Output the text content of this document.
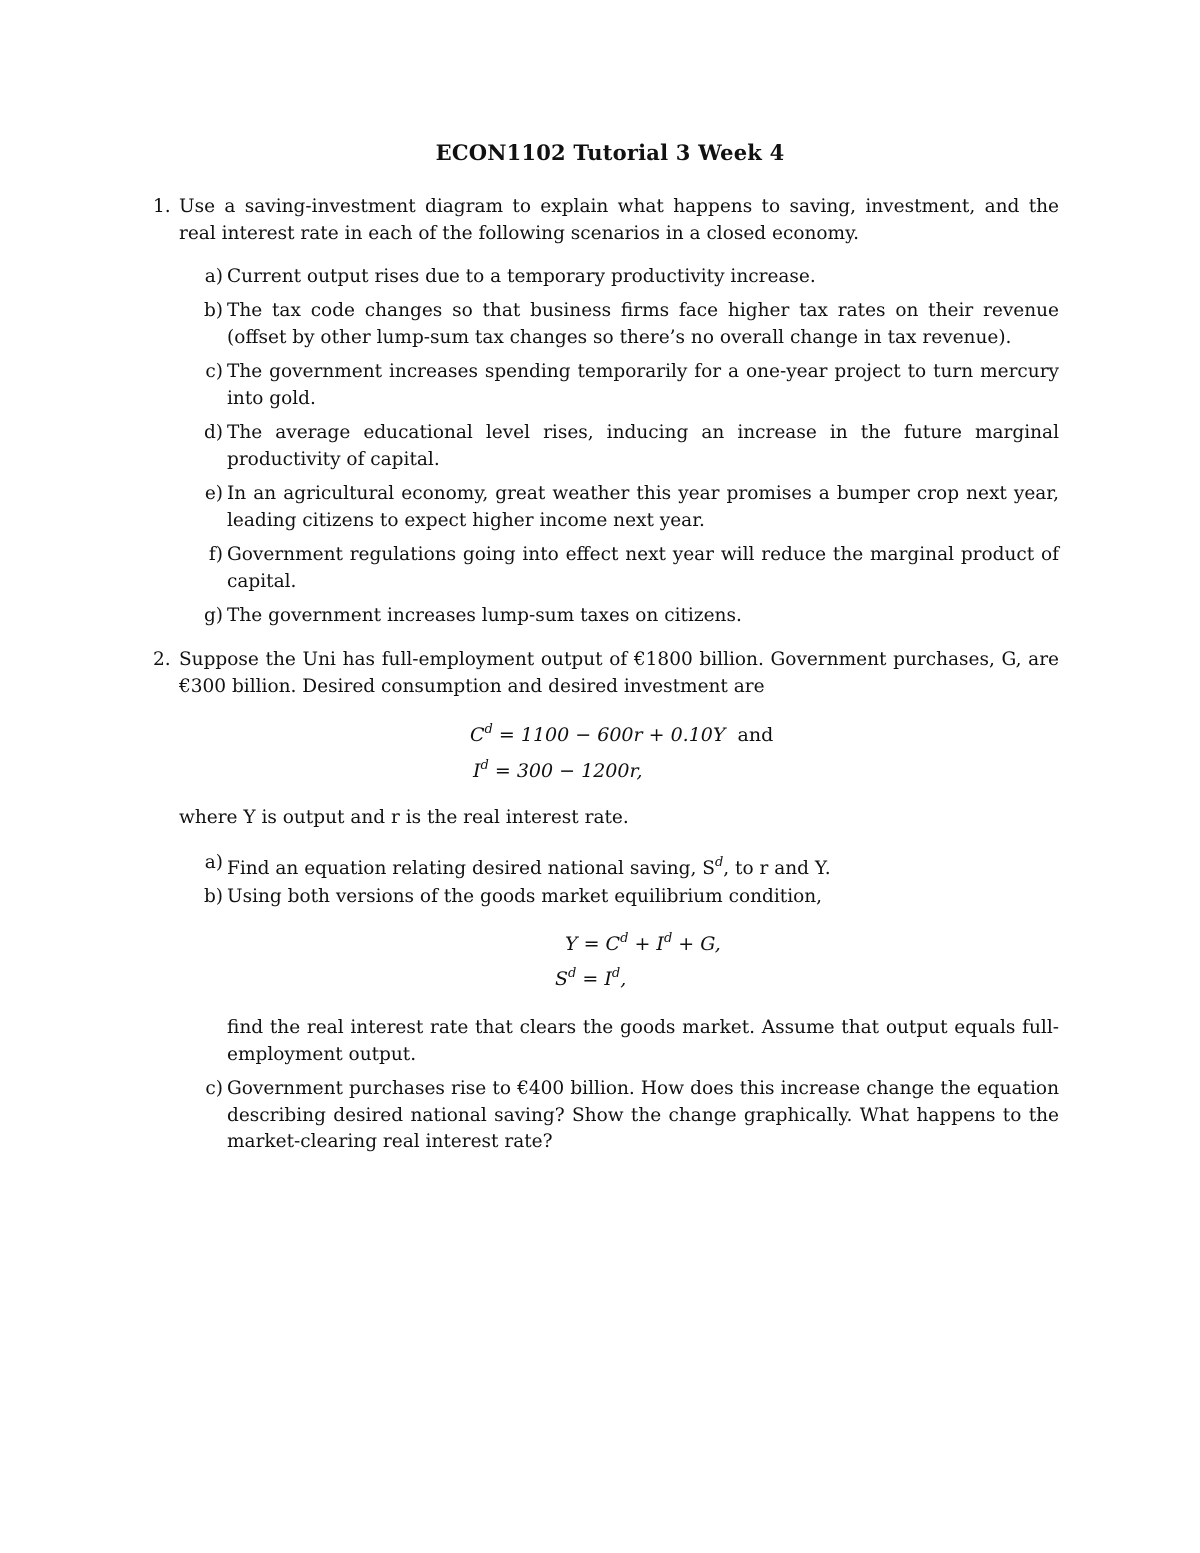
ECON1102 Tutorial 3 Week 4
1. Use a saving-investment diagram to explain what happens to saving, investment, and the real interest rate in each of the following scenarios in a closed economy.
a) Current output rises due to a temporary productivity increase.
b) The tax code changes so that business firms face higher tax rates on their revenue (offset by other lump-sum tax changes so there’s no overall change in tax revenue).
c) The government increases spending temporarily for a one-year project to turn mercury into gold.
d) The average educational level rises, inducing an increase in the future marginal productivity of capital.
e) In an agricultural economy, great weather this year promises a bumper crop next year, leading citizens to expect higher income next year.
f) Government regulations going into effect next year will reduce the marginal product of capital.
g) The government increases lump-sum taxes on citizens.
2. Suppose the Uni has full-employment output of €1800 billion. Government purchases, G, are €300 billion. Desired consumption and desired investment are
$C^d = 1100 - 600r + 0.10Y$ and
$I^d = 300 - 1200r$,
where Y is output and r is the real interest rate.
a) Find an equation relating desired national saving, $S^d$, to r and Y.
b) Using both versions of the goods market equilibrium condition,
$Y = C^d + I^d + G$,
$S^d = I^d$,
find the real interest rate that clears the goods market. Assume that output equals full-employment output.
c) Government purchases rise to €400 billion. How does this increase change the equation describing desired national saving? Show the change graphically. What happens to the market-clearing real interest rate?
